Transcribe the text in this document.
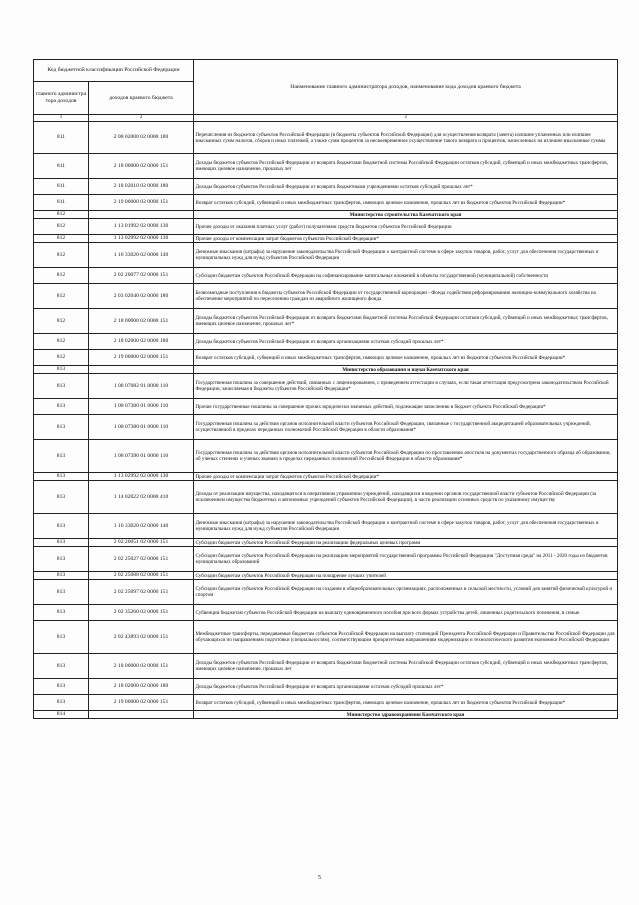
Код бюджетной классификации Российской Федерации		Наименование главного администратора доходов, наименование кода доходов краевого бюджета
главного администра тора доходов	доходов краевого бюджета	
1	2	3
811	2 08 02000 02 0000 180	Перечисления из бюджетов субъектов Российской Федерации (в бюджеты субъектов Российской Федерации) для осуществления возврата (зачета) излишне уплаченных или излишне взысканных сумм налогов, сборов и иных платежей, а также сумм процентов за несвоевременное осуществление такого возврата и процентов, начисленных на излишне взысканные суммы
811	2 18 00000 02 0000 151	Доходы бюджетов субъектов Российской Федерации от возврата бюджетами бюджетной системы Российской Федерации остатков субсидий, субвенций и иных межбюджетных трансфертов, имеющих целевое назначение, прошлых лет
811	2 18 02010 02 0000 180	Доходы бюджетов субъектов Российской Федерации от возврата бюджетными учреждениями остатков субсидий прошлых лет*
811	2 19 00000 02 0000 151	Возврат остатков субсидий, субвенций и иных межбюджетных трансфертов, имеющих целевое назначение, прошлых лет из бюджетов субъектов Российской Федерации*
812		Министерство строительства Камчатского края
812	1 13 01992 02 0000 130	Прочие доходы от оказания платных услуг (работ) получателями средств бюджетов субъектов Российской Федерации
812	1 13 02992 02 0000 130	Прочие доходы от компенсации затрат бюджетов субъектов Российской Федерации*
812	1 16 33020 02 0000 140	Денежные взыскания (штрафы) за нарушение законодательства Российской Федерации о контрактной системе в сфере закупок товаров, работ, услуг для обеспечения государственных и муниципальных нужд для нужд субъектов Российской Федерации
812	2 02 20077 02 0000 151	Субсидии бюджетам субъектов Российской Федерации на софинансирование капитальных вложений в объекты государственной (муниципальной) собственности
812	2 03 02040 02 0000 180	Безвозмездные поступления в бюджеты субъектов Российской Федерации от государственной корпорации - Фонда содействия реформированию жилищно-коммунального хозяйства на обеспечение мероприятий по переселению граждан из аварийного жилищного фонда
812	2 18 00000 02 0000 151	Доходы бюджетов субъектов Российской Федерации от возврата бюджетами бюджетной системы Российской Федерации остатков субсидий, субвенций и иных межбюджетных трансфертов, имеющих целевое назначение, прошлых лет*
812	2 18 02000 02 0000 180	Доходы бюджетов субъектов Российской Федерации от возврата организациями остатков субсидий прошлых лет*
812	2 19 00000 02 0000 151	Возврат остатков субсидий, субвенций и иных межбюджетных трансфертов, имеющих целевое назначение, прошлых лет из бюджетов субъектов Российской Федерации*
813		Министерство образования и науки Камчатского края
813	1 08 07082 01 0000 110	Государственная пошлина за совершение действий, связанных с лицензированием, с проведением аттестации в случаях, если такая аттестация предусмотрена законодательством Российской Федерации, зачисляемая в бюджеты субъектов Российской Федерации*
813	1 08 07300 01 0000 110	Прочие государственные пошлины за совершение прочих юридически значимых действий, подлежащие зачислению в бюджет субъекта Российской Федерации*
813	1 08 07380 01 0000 110	Государственная пошлина за действия органов исполнительной власти субъектов Российской Федерации, связанные с государственной аккредитацией образовательных учреждений, осуществляемой в пределах переданных полномочий Российской Федерации в области образования*
813	1 08 07390 01 0000 110	Государственная пошлина за действия органов исполнительной власти субъектов Российской Федерации по проставлению апостиля на документах государственного образца об образовании, об ученых степенях и ученых званиях в пределах переданных полномочий Российской Федерации в области образования*
813	1 13 02992 02 0000 130	Прочие доходы от компенсации затрат бюджетов субъектов Российской Федерации*
813	1 14 02022 02 0000 410	Доходы от реализации имущества, находящегося в оперативном управлении учреждений, находящихся в ведении органов государственной власти субъектов Российской Федерации (за исключением имущества бюджетных и автономных учреждений субъектов Российской Федерации), в части реализации основных средств по указанному имуществу
813	1 16 33020 02 0000 140	Денежные взыскания (штрафы) за нарушение законодательства Российской Федерации о контрактной системе в сфере закупок товаров, работ, услуг для обеспечения государственных и муниципальных нужд для нужд субъектов Российской Федерации
813	2 02 20051 02 0000 151	Субсидии бюджетам субъектов Российской Федерации на реализацию федеральных целевых программ
813	2 02 25027 02 0000 151	Субсидии бюджетам субъектов Российской Федерации на реализацию мероприятий государственной программы Российской Федерации "Доступная среда" на 2011 - 2020 годы из бюджетов муниципальных образований
813	2 02 25088 02 0000 151	Субсидии бюджетам субъектов Российской Федерации на поощрение лучших учителей
813	2 02 25097 02 0000 151	Субсидии бюджетам субъектов Российской Федерации на создание в общеобразовательных организациях, расположенных в сельской местности, условий для занятий физической культурой и спортом
813	2 02 35260 02 0000 151	Субвенции бюджетам субъектов Российской Федерации на выплату единовременного пособия при всех формах устройства детей, лишенных родительского попечения, в семью
813	2 02 43893 02 0000 151	Межбюджетные трансферты, передаваемые бюджетам субъектов Российской Федерации на выплату стипендий Президента Российской Федерации и Правительства Российской Федерации для обучающихся по направлениям подготовки (специальностям), соответствующим приоритетным направлениям модернизации и технологического развития экономики Российской Федерации
813	2 18 00000 02 0000 151	Доходы бюджетов субъектов Российской Федерации от возврата бюджетами бюджетной системы Российской Федерации остатков субсидий, субвенций и иных межбюджетных трансфертов, имеющих целевое назначение, прошлых лет
813	2 18 02000 02 0000 180	Доходы бюджетов субъектов Российской Федерации от возврата организациями остатков субсидий прошлых лет*
813	2 19 00000 02 0000 151	Возврат остатков субсидий, субвенций и иных межбюджетных трансфертов, имеющих целевое назначение, прошлых лет из бюджетов субъектов Российской Федерации*
814		Министерство здравоохранения Камчатского края
5
